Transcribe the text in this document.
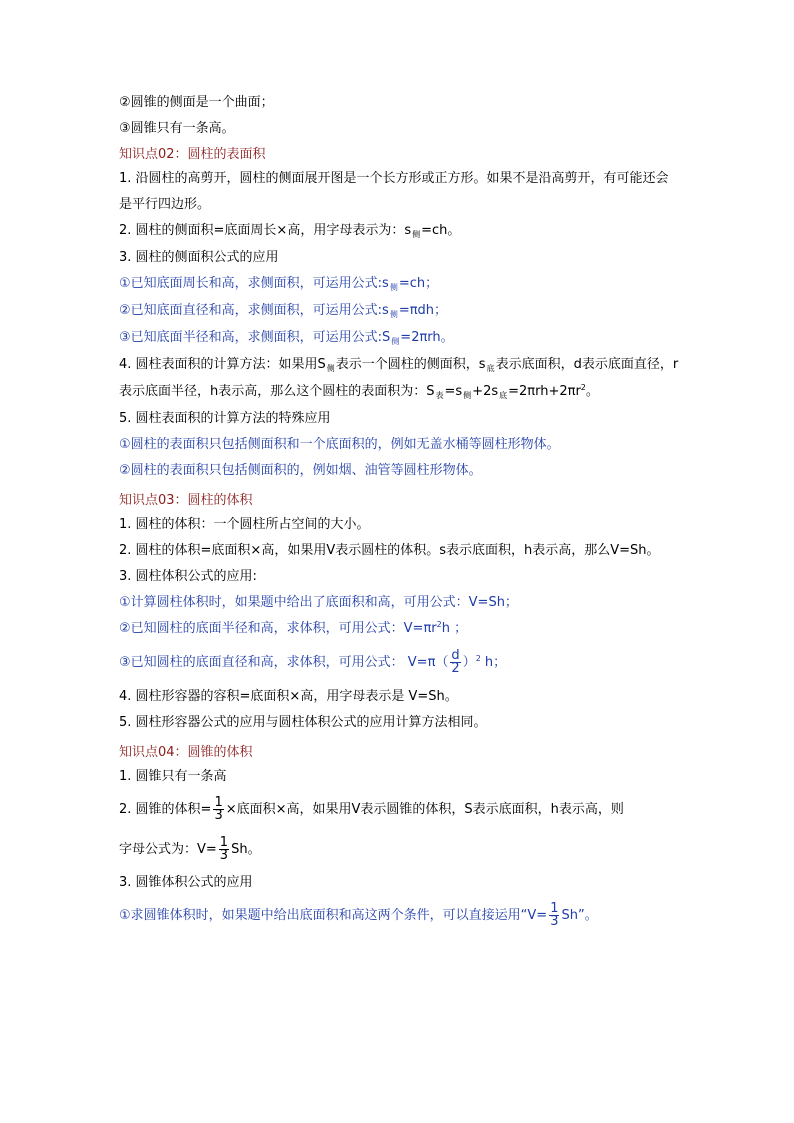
②圆锥的侧面是一个曲面；
③圆锥只有一条高。
知识点02：圆柱的表面积
1. 沿圆柱的高剪开，圆柱的侧面展开图是一个长方形或正方形。如果不是沿高剪开，有可能还会是平行四边形。
2. 圆柱的侧面积=底面周长×高，用字母表示为：$s_侧=ch$。
3. 圆柱的侧面积公式的应用
①已知底面周长和高，求侧面积，可运用公式$:s_侧=ch$；
②已知底面直径和高，求侧面积，可运用公式$:s_侧=\pi dh$；
③已知底面半径和高，求侧面积，可运用公式$:S_侧=2\pi rh$。
4. 圆柱表面积的计算方法：如果用$S_侧$表示一个圆柱的侧面积，$s_底$表示底面积，d表示底面直径，r表示底面半径，h表示高，那么这个圆柱的表面积为：$S_表=s_侧+2s_底=2\pi rh+2\pi r^2$。
5. 圆柱表面积的计算方法的特殊应用
①圆柱的表面积只包括侧面积和一个底面积的，例如无盖水桶等圆柱形物体。
②圆柱的表面积只包括侧面积的，例如烟、油管等圆柱形物体。
知识点03：圆柱的体积
1. 圆柱的体积：一个圆柱所占空间的大小。
2. 圆柱的体积=底面积×高，如果用V表示圆柱的体积。s表示底面积，h表示高，那么V=Sh。
3. 圆柱体积公式的应用:
①计算圆柱体积时，如果题中给出了底面积和高，可用公式：V=Sh；
②已知圆柱的底面半径和高，求体积，可用公式：$V=\pi r^2h$ ；
③已知圆柱的底面直径和高，求体积，可用公式： $V=\pi( \frac{d}{2} )^2$ h；
4. 圆柱形容器的容积=底面积×高，用字母表示是 V=Sh。
5. 圆柱形容器公式的应用与圆柱体积公式的应用计算方法相同。
知识点04：圆锥的体积
1. 圆锥只有一条高
2. 圆锥的体积= $\frac{1}{3}$ ×底面积×高，如果用V表示圆锥的体积，S表示底面积，h表示高，则
字母公式为：$V= \frac{1}{3}$ Sh。
3. 圆锥体积公式的应用
①求圆锥体积时，如果题中给出底面积和高这两个条件，可以直接运用“$V= \frac{1}{3} Sh$”。
